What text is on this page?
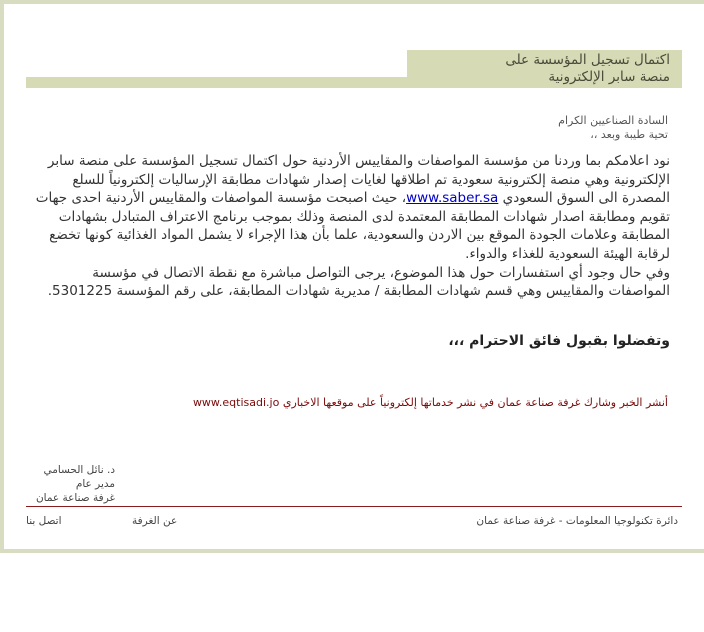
اكتمال تسجيل المؤسسة على
منصة سابر الإلكترونية
السادة الصناعيين الكرام
تحية طيبة وبعد ،،
نود اعلامكم بما وردنا من مؤسسة المواصفات والمقاييس الأردنية حول اكتمال تسجيل المؤسسة على منصة سابر الإلكترونية وهي منصة إلكترونية سعودية تم اطلاقها لغايات إصدار شهادات مطابقة الإرساليات إلكترونياً للسلع المصدرة الى السوق السعودي www.saber.sa، حيث اصبحت مؤسسة المواصفات والمقاييس الأردنية احدى جهات تقويم ومطابقة اصدار شهادات المطابقة المعتمدة لدى المنصة وذلك بموجب برنامج الاعتراف المتبادل بشهادات المطابقة وعلامات الجودة الموقع بين الاردن والسعودية، علما بأن هذا الإجراء لا يشمل المواد الغذائية كونها تخضع لرقابة الهيئة السعودية للغذاء والدواء.
وفي حال وجود أي استفسارات حول هذا الموضوع، يرجى التواصل مباشرة مع نقطة الاتصال في مؤسسة المواصفات والمقاييس وهي قسم شهادات المطابقة / مديرية شهادات المطابقة، على رقم المؤسسة 5301225.
وتفضلوا بقبول فائق الاحترام ،،،
أنشر الخبر وشارك غرفة صناعة عمان في نشر خدماتها إلكترونياً على موقعها الاخباري www.eqtisadi.jo
د. نائل الحسامي
مدير عام
غرفة صناعة عمان
دائرة تكنولوجيا المعلومات - غرفة صناعة عمان
عن الغرفة
اتصل بنا
